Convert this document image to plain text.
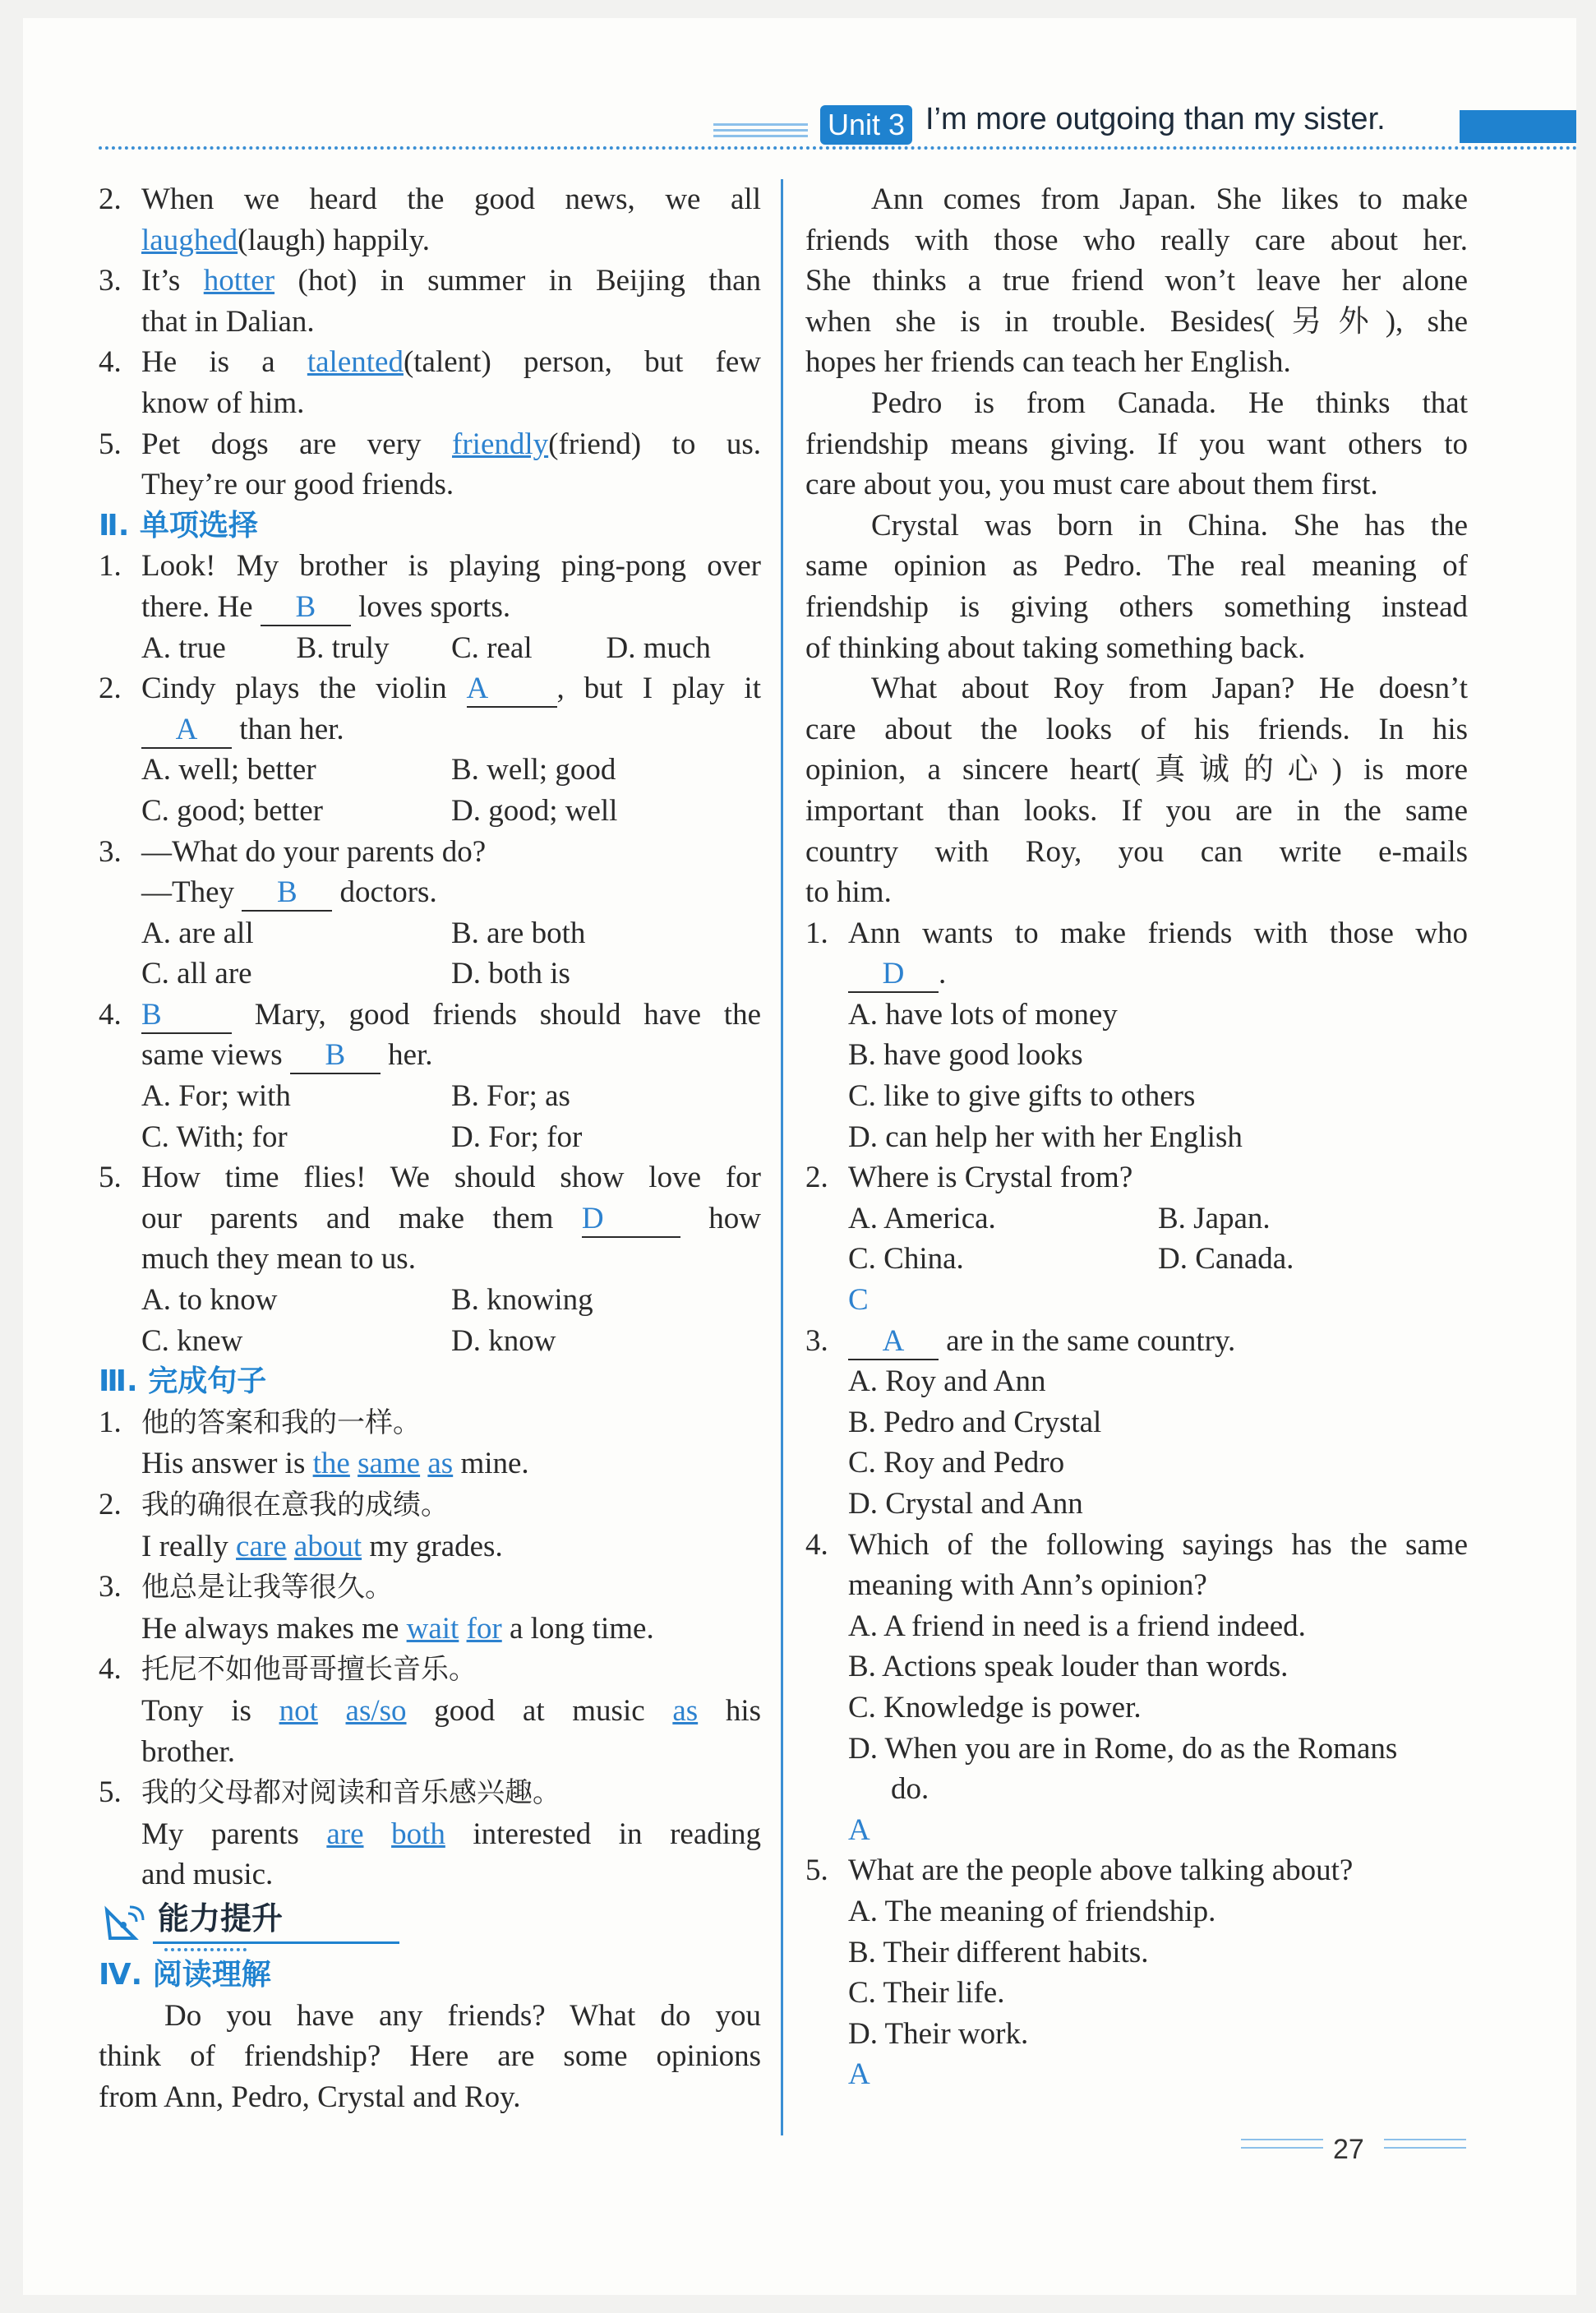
Unit 3 I’m more outgoing than my sister.
2. When we heard the good news, we all
laughed(laugh) happily.
3. It’s hotter (hot) in summer in Beijing than
that in Dalian.
4. He is a talented(talent) person, but few
know of him.
5. Pet dogs are very friendly(friend) to us.
They’re our good friends.
Ⅱ. 单项选择
1. Look! My brother is playing ping-pong over
there. He B loves sports.
A. true	B. truly	C. real	D. much
2. Cindy plays the violin A , but I play it
A than her.
A. well; better	B. well; good
C. good; better	D. good; well
3. —What do your parents do?
—They B doctors.
A. are all	B. are both
C. all are	D. both is
4. B	Mary, good friends should have the
same views B her.
A. For; with	B. For; as
C. With; for	D. For; for
5. How time flies! We should show love for
our parents and make them D	how
much they mean to us.
A. to know	B. knowing
C. knew	D. know
Ⅲ. 完成句子
1. 他的答案和我的一样。
His answer is the same as mine.
2. 我的确很在意我的成绩。
I really care about my grades.
3. 他总是让我等很久。
He always makes me wait for a long time.
4. 托尼不如他哥哥擅长音乐。
Tony is not as/so good at music as his
brother.
5. 我的父母都对阅读和音乐感兴趣。
My parents are both interested in reading
and music.
能力提升
Ⅳ. 阅读理解
Do you have any friends? What do you
think of friendship? Here are some opinions
from Ann, Pedro, Crystal and Roy.
Ann comes from Japan. She likes to make
friends with those who really care about her.
She thinks a true friend won’t leave her alone
when she is in trouble. Besides(另外), she
hopes her friends can teach her English.
Pedro is from Canada. He thinks that
friendship means giving. If you want others to
care about you, you must care about them first.
Crystal was born in China. She has the
same opinion as Pedro. The real meaning of
friendship is giving others something instead
of thinking about taking something back.
What about Roy from Japan? He doesn’t
care about the looks of his friends. In his
opinion, a sincere heart(真诚的心) is more
important than looks. If you are in the same
country with Roy, you can write e-mails
to him.
1. Ann wants to make friends with those who
D .
A. have lots of money
B. have good looks
C. like to give gifts to others
D. can help her with her English
2. Where is Crystal from?
A. America.	B. Japan.
C. China.	D. Canada.
C
3. A are in the same country.
A. Roy and Ann
B. Pedro and Crystal
C. Roy and Pedro
D. Crystal and Ann
4. Which of the following sayings has the same
meaning with Ann’s opinion?
A. A friend in need is a friend indeed.
B. Actions speak louder than words.
C. Knowledge is power.
D. When you are in Rome, do as the Romans
do.
A
5. What are the people above talking about?
A. The meaning of friendship.
B. Their different habits.
C. Their life.
D. Their work.
A
27
